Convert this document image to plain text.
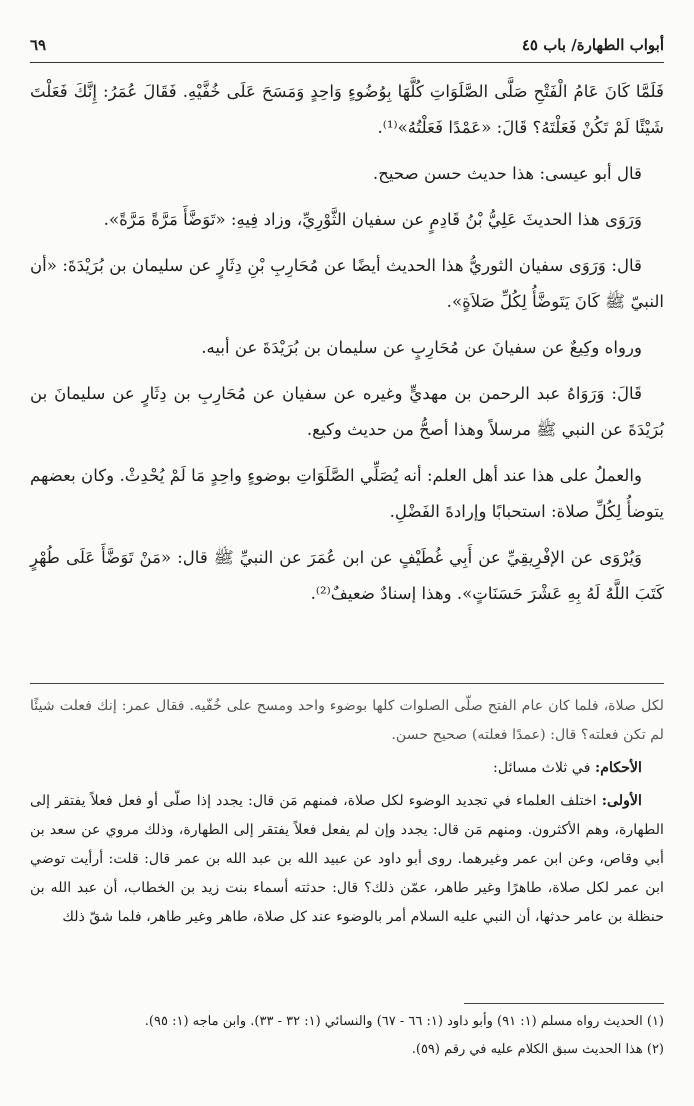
أبواب الطهارة/ باب ٤٥
٦٩

فَلَمَّا كَانَ عَامُ الْفَتْحِ صَلَّى الصَّلَوَاتِ كُلَّهَا بِوُضُوءٍ وَاحِدٍ وَمَسَحَ عَلَى خُفَّيْهِ. فَقَالَ عُمَرُ: إِنَّكَ فَعَلْتَ شَيْئًا لَمْ تَكُنْ فَعَلْتَهُ؟ قَالَ: «عَمْدًا فَعَلْتُهُ»⁽¹⁾.

قال أبو عيسى: هذا حديث حسن صحيح.

وَرَوَى هذا الحديثَ عَلِيُّ بْنُ قَادِمٍ عن سفيان الثَّوْرِيِّ، وزاد فِيهِ: «تَوَضَّأَ مَرَّةً مَرَّةً».

قال: وَرَوَى سفيان الثوريُّ هذا الحديث أيضًا عن مُحَارِبِ بْنِ دِثَارٍ عن سليمان بن بُرَيْدَةَ: «أن النبيّ ﷺ كَانَ يَتَوضَّأُ لِكُلِّ صَلاَةٍ».

ورواه وكِيعٌ عن سفيانَ عن مُحَارِبٍ عن سليمان بن بُرَيْدَةَ عن أبيه.

قَالَ: وَرَوَاهُ عبد الرحمن بن مهديٍّ وغيره عن سفيان عن مُحَارِبِ بن دِثَارٍ عن سليمانَ بن بُرَيْدَةَ عن النبي ﷺ مرسلاً وهذا أصحُّ من حديث وكيع.

والعملُ على هذا عند أهل العلم: أنه يُصَلِّي الصَّلَوَاتِ بوضوءٍ واحِدٍ مَا لَمْ يُحْدِثْ. وكان بعضهم يتوضأُ لِكُلِّ صلاة: استحبابًا وإرادةَ الفَضْلِ.

وَيُرْوَى عن الإفْرِيقِيِّ عن أَبِي غُطَيْفٍ عن ابن عُمَرَ عن النبيِّ ﷺ قال: «مَنْ تَوَضَّأَ عَلَى طُهْرٍ كَتَبَ اللَّهُ لَهُ بِهِ عَشْرَ حَسَنَاتٍ». وهذا إسنادٌ ضعيفٌ⁽²⁾.

لكل صلاة، فلما كان عام الفتح صلّى الصلوات كلها بوضوء واحد ومسح على خُفّيه. فقال عمر: إنك فعلت شيئًا لم تكن فعلته؟ قال: (عمدًا فعلته) صحيح حسن.

الأحكام: في ثلاث مسائل:

الأولى: اختلف العلماء في تجديد الوضوء لكل صلاة، فمنهم مَن قال: يجدد إذا صلّى أو فعل فعلاً يفتقر إلى الطهارة، وهم الأكثرون. ومنهم مَن قال: يجدد وإن لم يفعل فعلاً يفتقر إلى الطهارة، وذلك مروي عن سعد بن أبي وقاص، وعن ابن عمر وغيرهما. روى أبو داود عن عبيد الله بن عبد الله بن عمر قال: قلت: أرأيت توضي ابن عمر لكل صلاة، طاهرًا وغير طاهر، عمّن ذلك؟ قال: حدثته أسماء بنت زيد بن الخطاب، أن عبد الله بن حنظلة بن عامر حدثها، أن النبي عليه السلام أمر بالوضوء عند كل صلاة، طاهر وغير طاهر، فلما شقّ ذلك

(١) الحديث رواه مسلم (١: ٩١) وأبو داود (١: ٦٦ - ٦٧) والنسائي (١: ٣٢ - ٣٣). وابن ماجه (١: ٩٥).

(٢) هذا الحديث سبق الكلام عليه في رقم (٥٩).
